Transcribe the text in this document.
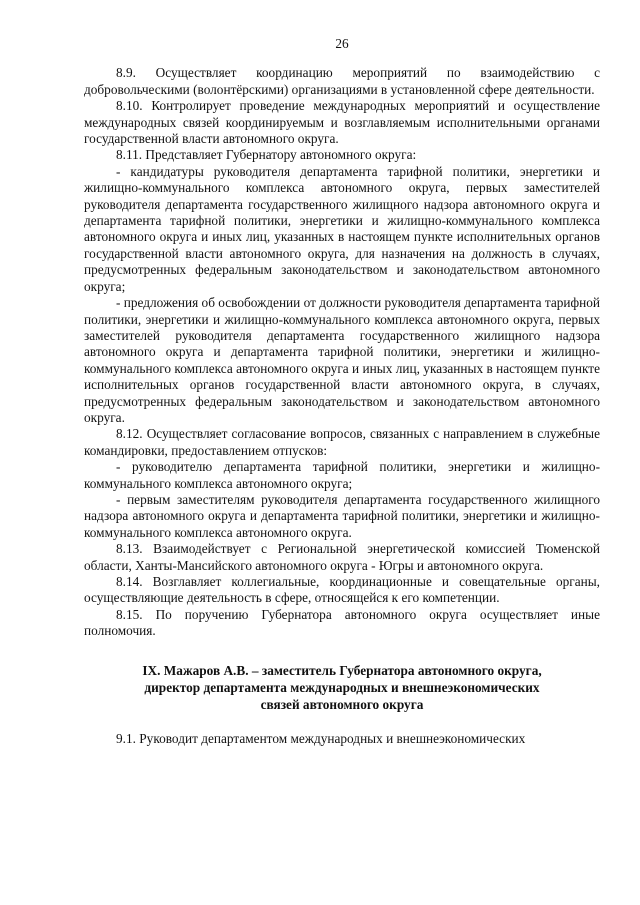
26

8.9. Осуществляет координацию мероприятий по взаимодействию с добровольческими (волонтёрскими) организациями в установленной сфере деятельности.

8.10. Контролирует проведение международных мероприятий и осуществление международных связей координируемым и возглавляемым исполнительными органами государственной власти автономного округа.

8.11. Представляет Губернатору автономного округа:

- кандидатуры руководителя департамента тарифной политики, энергетики и жилищно-коммунального комплекса автономного округа, первых заместителей руководителя департамента государственного жилищного надзора автономного округа и департамента тарифной политики, энергетики и жилищно-коммунального комплекса автономного округа и иных лиц, указанных в настоящем пункте исполнительных органов государственной власти автономного округа, для назначения на должность в случаях, предусмотренных федеральным законодательством и законодательством автономного округа;

- предложения об освобождении от должности руководителя департамента тарифной политики, энергетики и жилищно-коммунального комплекса автономного округа, первых заместителей руководителя департамента государственного жилищного надзора автономного округа и департамента тарифной политики, энергетики и жилищно-коммунального комплекса автономного округа и иных лиц, указанных в настоящем пункте исполнительных органов государственной власти автономного округа, в случаях, предусмотренных федеральным законодательством и законодательством автономного округа.

8.12. Осуществляет согласование вопросов, связанных с направлением в служебные командировки, предоставлением отпусков:

- руководителю департамента тарифной политики, энергетики и жилищно-коммунального комплекса автономного округа;

- первым заместителям руководителя департамента государственного жилищного надзора автономного округа и департамента тарифной политики, энергетики и жилищно-коммунального комплекса автономного округа.

8.13. Взаимодействует с Региональной энергетической комиссией Тюменской области, Ханты-Мансийского автономного округа - Югры и автономного округа.

8.14. Возглавляет коллегиальные, координационные и совещательные органы, осуществляющие деятельность в сфере, относящейся к его компетенции.

8.15. По поручению Губернатора автономного округа осуществляет иные полномочия.

IX. Мажаров А.В. – заместитель Губернатора автономного округа,
директор департамента международных и внешнеэкономических
связей автономного округа

9.1. Руководит департаментом международных и внешнеэкономических
